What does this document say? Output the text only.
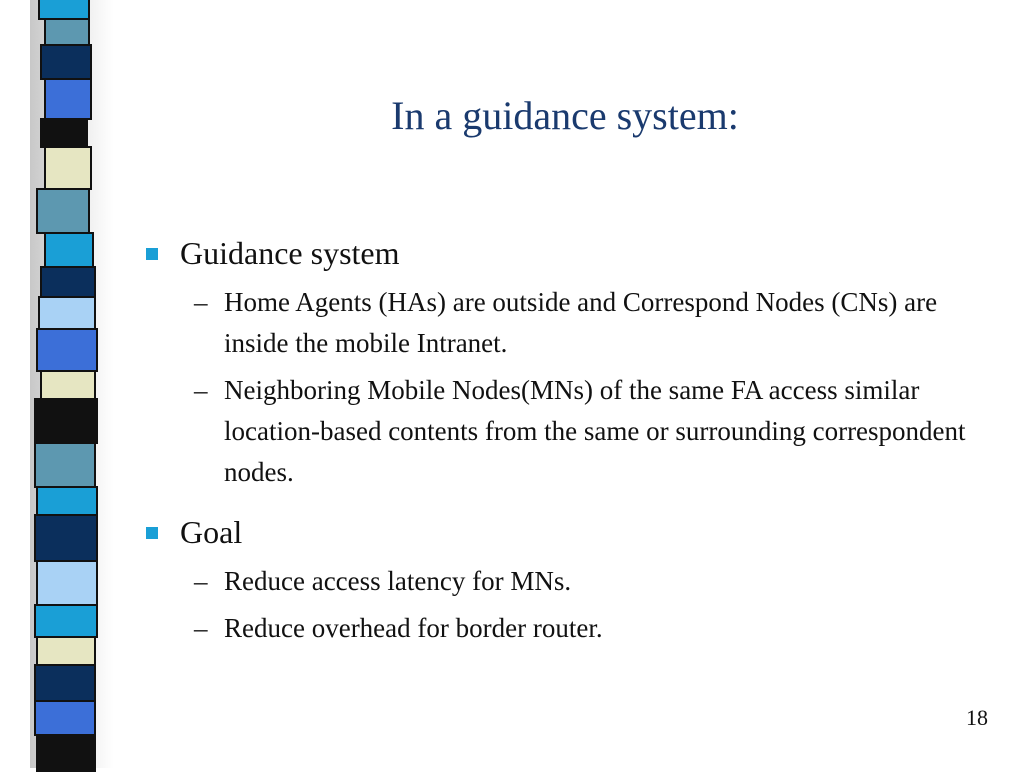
In a guidance system:
Guidance system
– Home Agents (HAs) are outside and Correspond Nodes (CNs) are inside the mobile Intranet.
– Neighboring Mobile Nodes(MNs) of the same FA access similar location-based contents from the same or surrounding correspondent nodes.
Goal
– Reduce access latency for MNs.
– Reduce overhead for border router.
18
